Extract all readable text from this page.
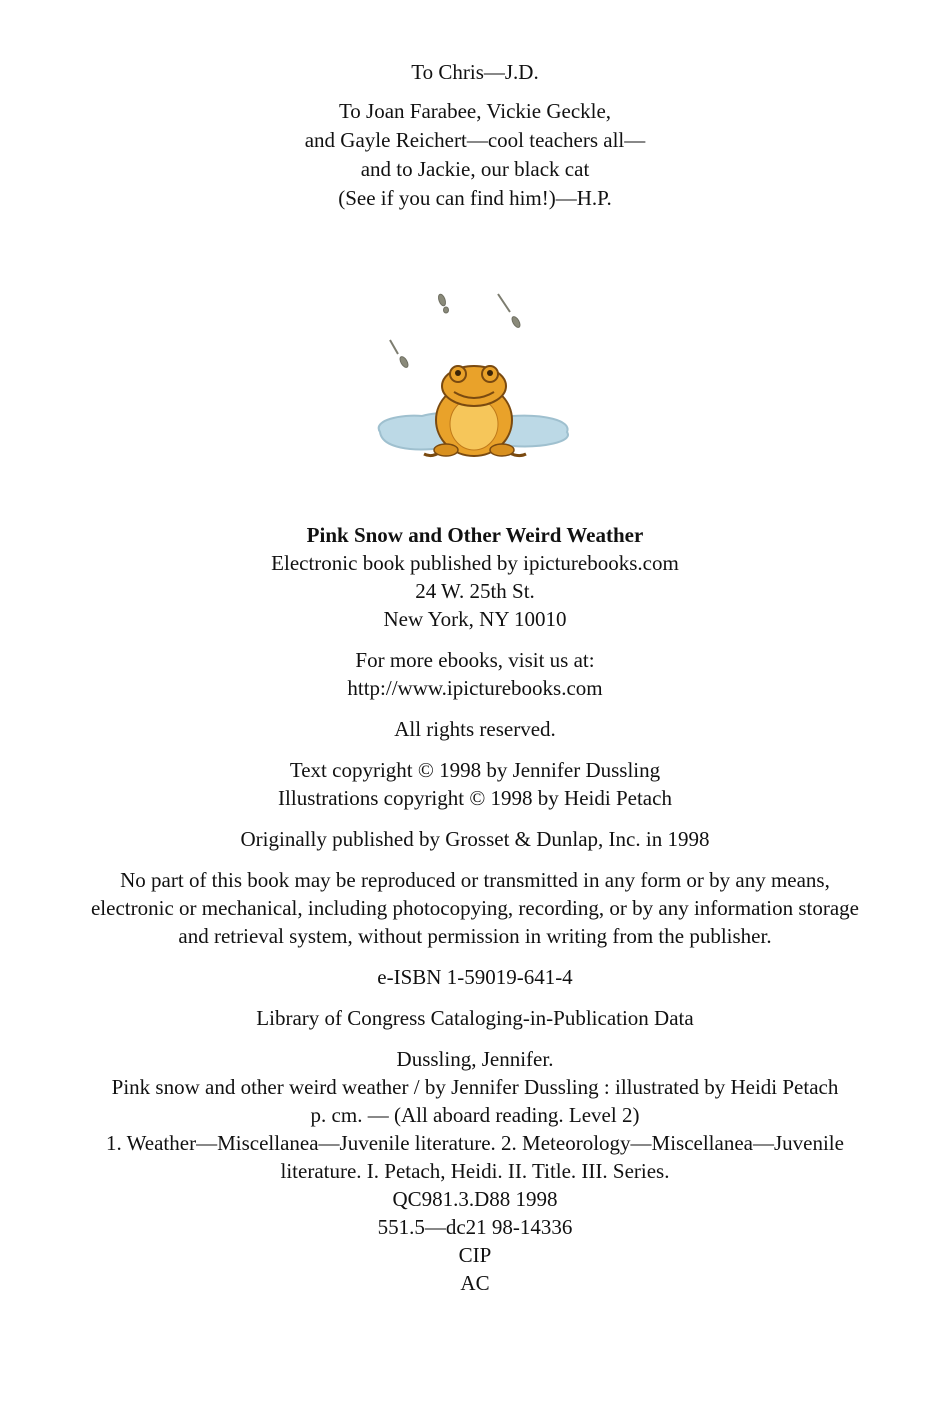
To Chris—J.D.
To Joan Farabee, Vickie Geckle,
and Gayle Reichert—cool teachers all—
and to Jackie, our black cat
(See if you can find him!)—H.P.
Pink Snow and Other Weird Weather
Electronic book published by ipicturebooks.com
24 W. 25th St.
New York, NY 10010
For more ebooks, visit us at:
http://www.ipicturebooks.com
All rights reserved.
Text copyright © 1998 by Jennifer Dussling
Illustrations copyright © 1998 by Heidi Petach
Originally published by Grosset & Dunlap, Inc. in 1998
No part of this book may be reproduced or transmitted in any form or by any means,
electronic or mechanical, including photocopying, recording, or by any information storage
and retrieval system, without permission in writing from the publisher.
e-ISBN 1-59019-641-4
Library of Congress Cataloging-in-Publication Data
Dussling, Jennifer.
Pink snow and other weird weather / by Jennifer Dussling : illustrated by Heidi Petach
p. cm. — (All aboard reading. Level 2)
1. Weather—Miscellanea—Juvenile literature. 2. Meteorology—Miscellanea—Juvenile
literature. I. Petach, Heidi. II. Title. III. Series.
QC981.3.D88 1998
551.5—dc21 98-14336
CIP
AC
